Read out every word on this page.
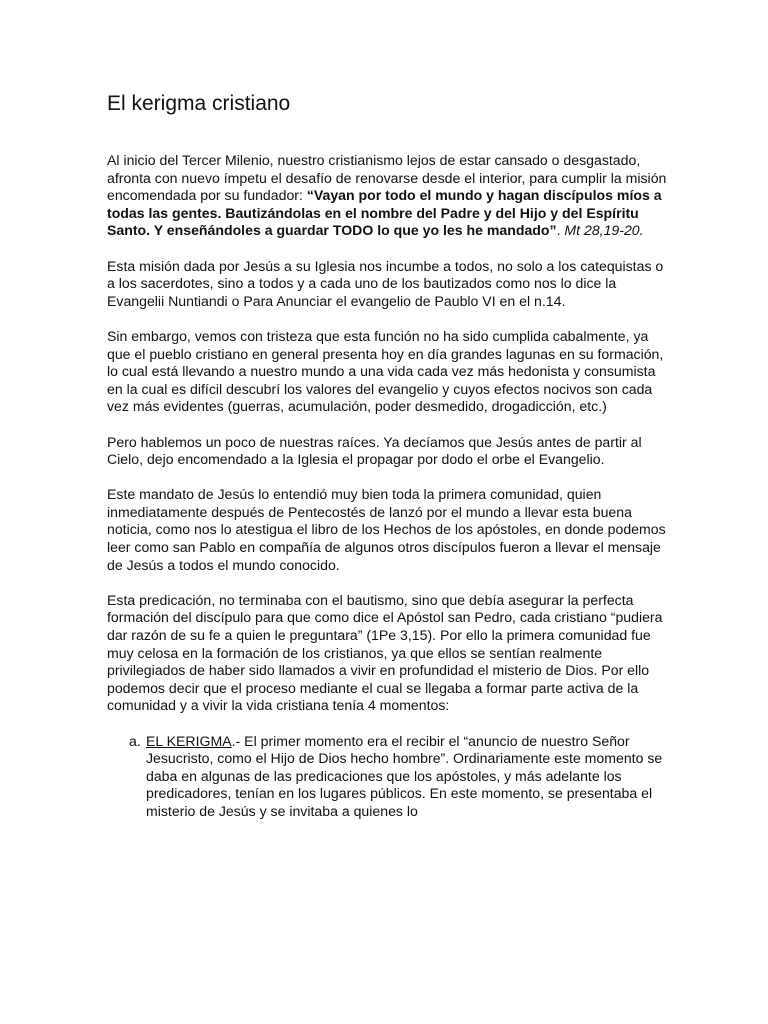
El kerigma cristiano

Al inicio del Tercer Milenio, nuestro cristianismo lejos de estar cansado o desgastado, afronta con nuevo ímpetu el desafío de renovarse desde el interior, para cumplir la misión encomendada por su fundador: “Vayan por todo el mundo y hagan discípulos míos a todas las gentes. Bautizándolas en el nombre del Padre y del Hijo y del Espíritu Santo. Y enseñándoles a guardar TODO lo que yo les he mandado”. Mt 28,19-20.

Esta misión dada por Jesús a su Iglesia nos incumbe a todos, no solo a los catequistas o a los sacerdotes, sino a todos y a cada uno de los bautizados como nos lo dice la Evangelii Nuntiandi o Para Anunciar el evangelio de Paublo VI en el n.14.

Sin embargo, vemos con tristeza que esta función no ha sido cumplida cabalmente, ya que el pueblo cristiano en general presenta hoy en día grandes lagunas en su formación, lo cual está llevando a nuestro mundo a una vida cada vez más hedonista y consumista en la cual es difícil descubrí los valores del evangelio y cuyos efectos nocivos son cada vez más evidentes (guerras, acumulación, poder desmedido, drogadicción, etc.)

Pero hablemos un poco de nuestras raíces. Ya decíamos que Jesús antes de partir al Cielo, dejo encomendado a la Iglesia el propagar por dodo el orbe el Evangelio.

Este mandato de Jesús lo entendió muy bien toda la primera comunidad, quien inmediatamente después de Pentecostés de lanzó por el mundo a llevar esta buena noticia, como nos lo atestigua el libro de los Hechos de los apóstoles, en donde podemos leer como san Pablo en compañía de algunos otros discípulos fueron a llevar el mensaje de Jesús a todos el mundo conocido.

Esta predicación, no terminaba con el bautismo, sino que debía asegurar la perfecta formación del discípulo para que como dice el Apóstol san Pedro, cada cristiano “pudiera dar razón de su fe a quien le preguntara” (1Pe 3,15). Por ello la primera comunidad fue muy celosa en la formación de los cristianos, ya que ellos se sentían realmente privilegiados de haber sido llamados a vivir en profundidad el misterio de Dios. Por ello podemos decir que el proceso mediante el cual se llegaba a formar parte activa de la comunidad y a vivir la vida cristiana tenía 4 momentos:

a. EL KERIGMA.- El primer momento era el recibir el “anuncio de nuestro Señor Jesucristo, como el Hijo de Dios hecho hombre”. Ordinariamente este momento se daba en algunas de las predicaciones que los apóstoles, y más adelante los predicadores, tenían en los lugares públicos. En este momento, se presentaba el misterio de Jesús y se invitaba a quienes lo
